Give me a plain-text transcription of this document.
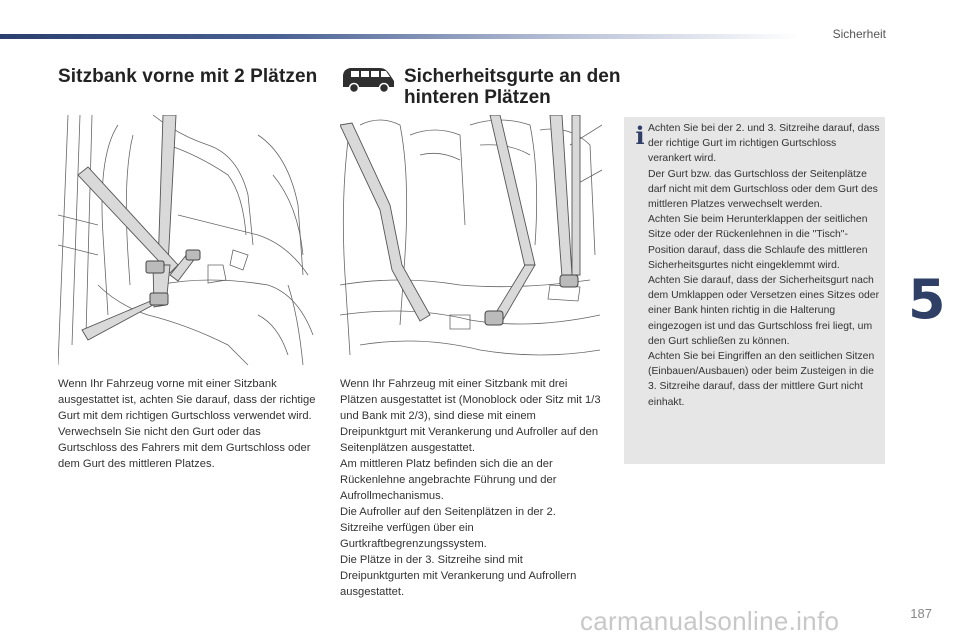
Sicherheit
5
Sitzbank vorne mit 2 Plätzen	Sicherheitsgurte an den hinteren Plätzen

Wenn Ihr Fahrzeug vorne mit einer Sitzbank ausgestattet ist, achten Sie darauf, dass der richtige Gurt mit dem richtigen Gurtschloss verwendet wird.

Verwechseln Sie nicht den Gurt oder das Gurtschloss des Fahrers mit dem Gurtschloss oder dem Gurt des mittleren Platzes.

Wenn Ihr Fahrzeug mit einer Sitzbank mit drei Plätzen ausgestattet ist (Monoblock oder Sitz mit 1/3 und Bank mit 2/3), sind diese mit einem Dreipunktgurt mit Verankerung und Aufroller auf den Seitenplätzen ausgestattet.

Am mittleren Platz befinden sich die an der Rückenlehne angebrachte Führung und der Aufrollmechanismus.

Die Aufroller auf den Seitenplätzen in der 2. Sitzreihe verfügen über ein Gurtkraftbegrenzungssystem.

Die Plätze in der 3. Sitzreihe sind mit Dreipunktgurten mit Verankerung und Aufrollern ausgestattet.

i Achten Sie bei der 2. und 3. Sitzreihe darauf, dass der richtige Gurt im richtigen Gurtschloss verankert wird.

Der Gurt bzw. das Gurtschloss der Seitenplätze darf nicht mit dem Gurtschloss oder dem Gurt des mittleren Platzes verwechselt werden.

Achten Sie beim Herunterklappen der seitlichen Sitze oder der Rückenlehnen in die "Tisch"-Position darauf, dass die Schlaufe des mittleren Sicherheitsgurtes nicht eingeklemmt wird.

Achten Sie darauf, dass der Sicherheitsgurt nach dem Umklappen oder Versetzen eines Sitzes oder einer Bank hinten richtig in die Halterung eingezogen ist und das Gurtschloss frei liegt, um den Gurt schließen zu können.

Achten Sie bei Eingriffen an den seitlichen Sitzen (Einbauen/Ausbauen) oder beim Zusteigen in die 3. Sitzreihe darauf, dass der mittlere Gurt nicht einhakt.

carmanualsonline.info	187
